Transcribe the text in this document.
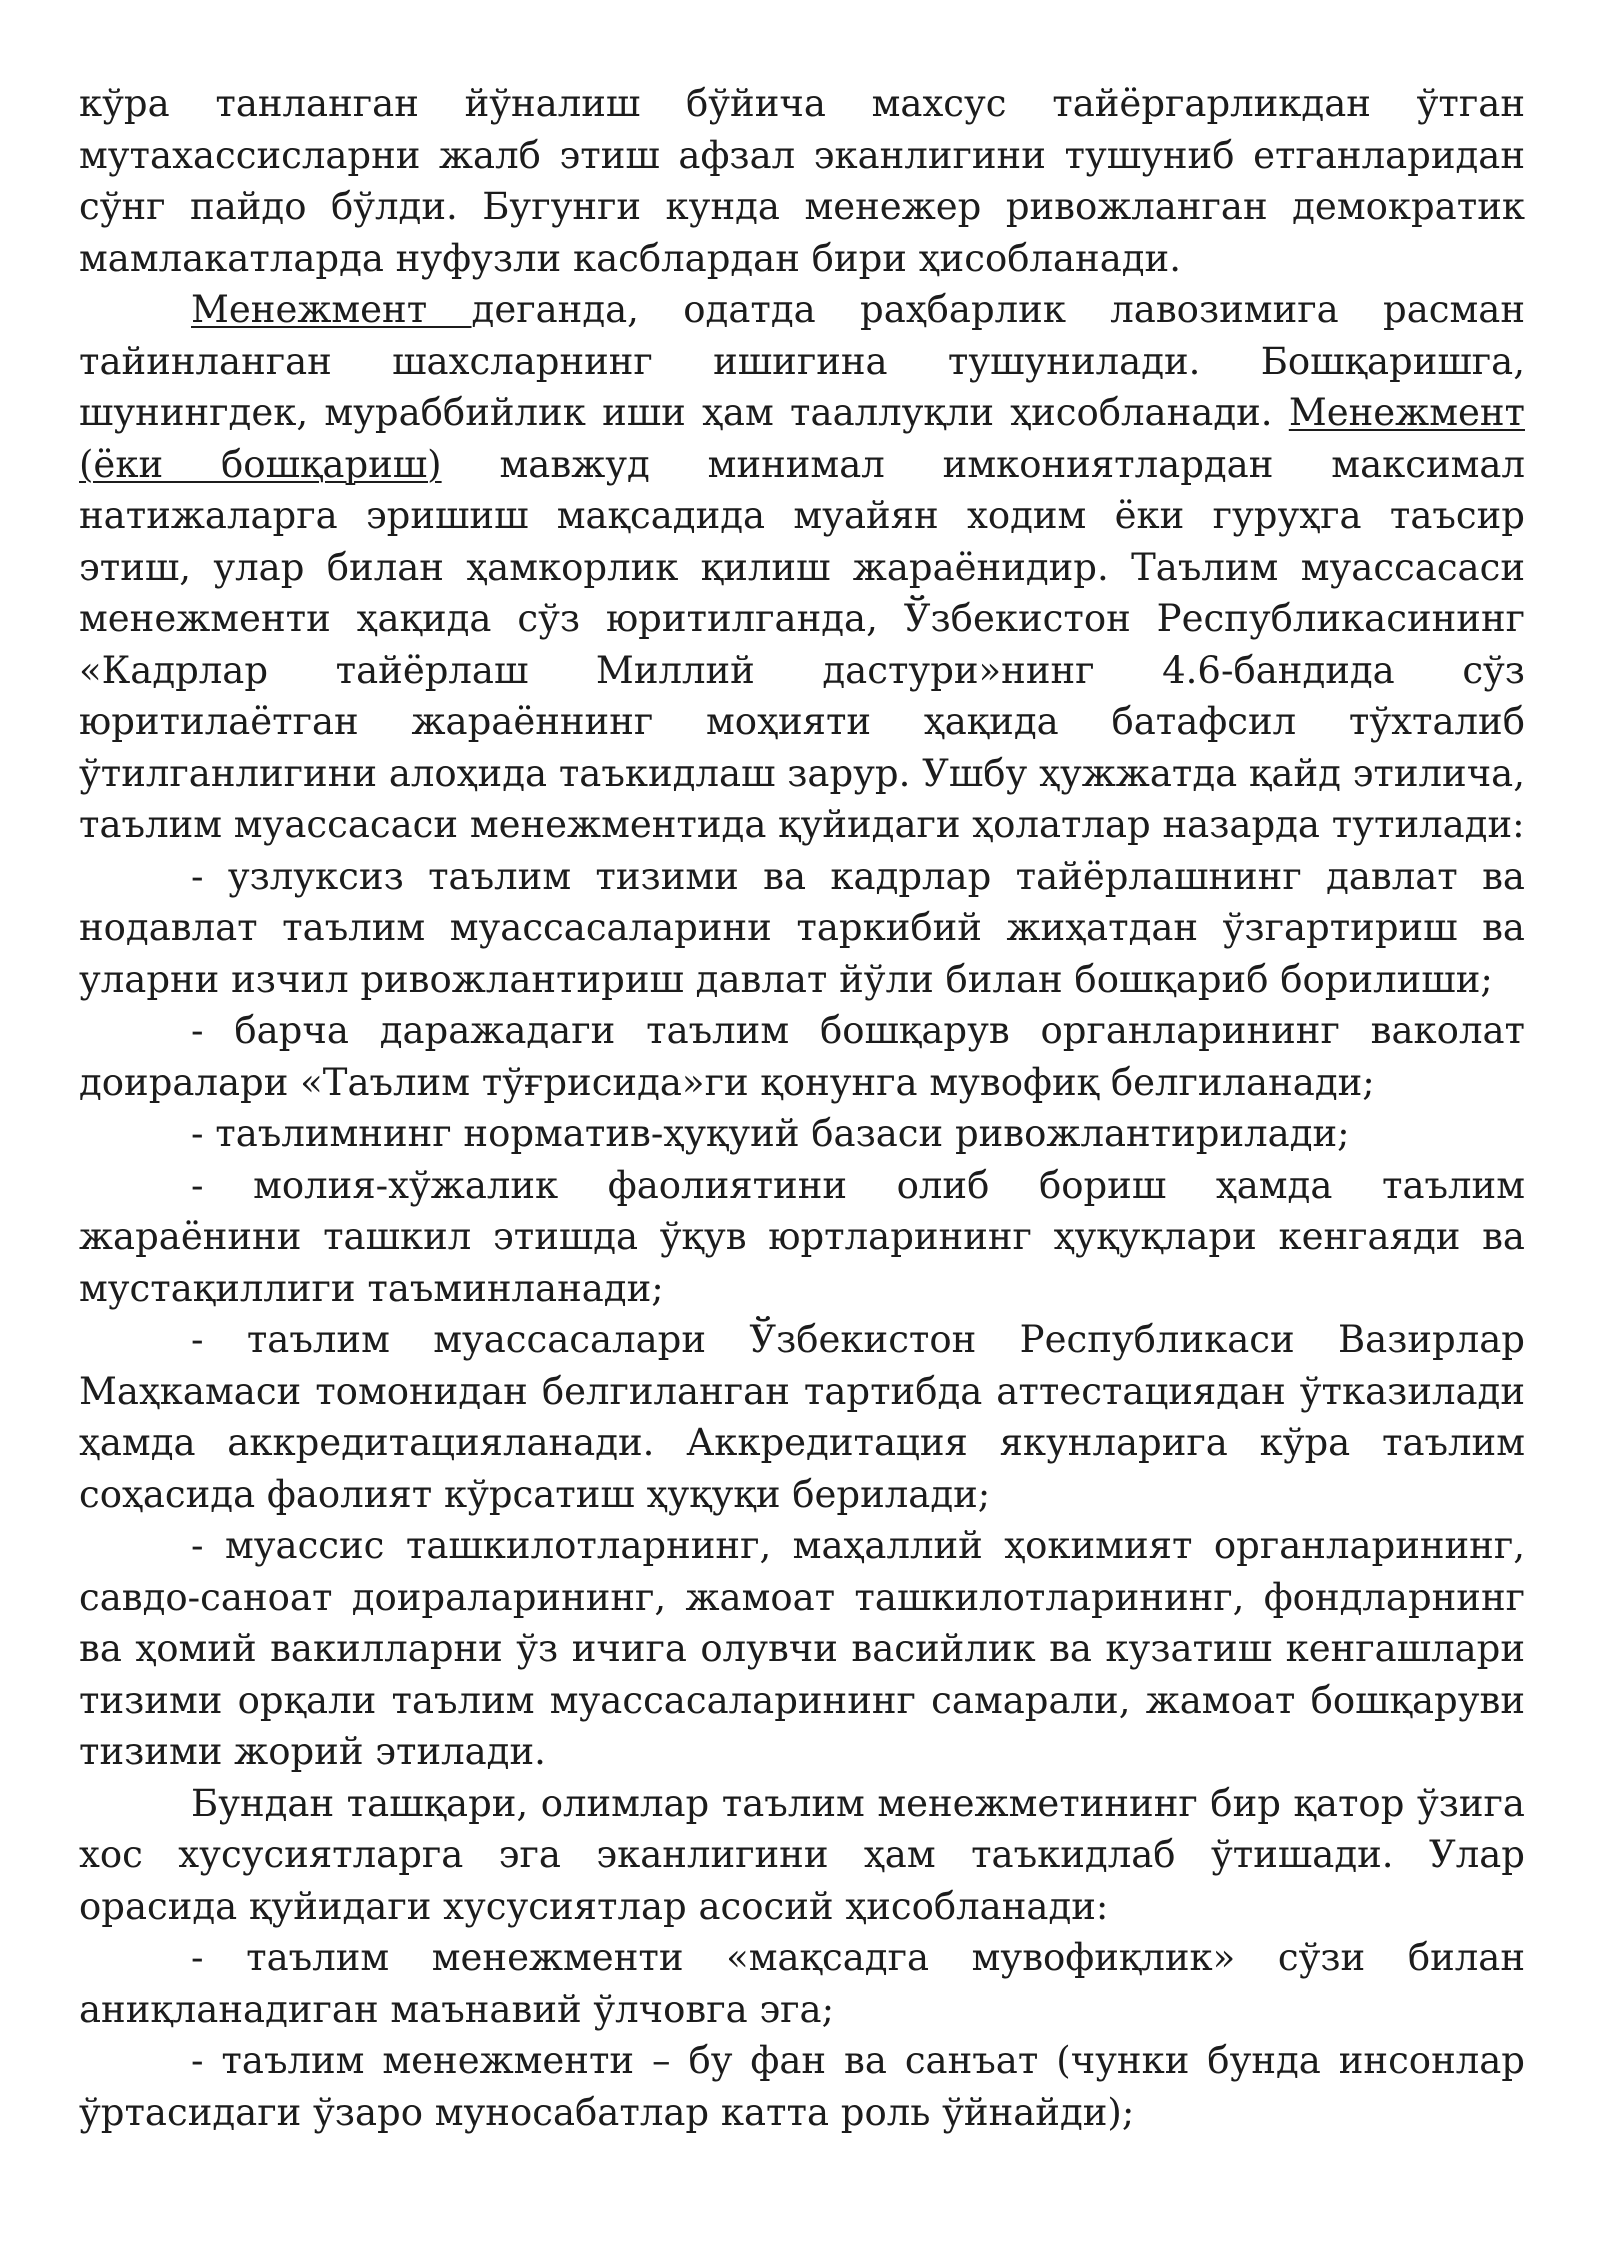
кўра танланган йўналиш бўйича махсус тайёргарликдан ўтган мутахассисларни жалб этиш афзал эканлигини тушуниб етганларидан сўнг пайдо бўлди. Бугунги кунда менежер ривожланган демократик мамлакатларда нуфузли касблардан бири ҳисобланади.

Менежмент деганда, одатда раҳбарлик лавозимига расман тайинланган шахсларнинг ишигина тушунилади. Бошқаришга, шунингдек, мураббийлик иши ҳам тааллуқли ҳисобланади. Менежмент (ёки бошқариш) мавжуд минимал имкониятлардан максимал натижаларга эришиш мақсадида муайян ходим ёки гуруҳга таъсир этиш, улар билан ҳамкорлик қилиш жараёнидир. Таълим муассасаси менежменти ҳақида сўз юритилганда, Ўзбекистон Республикасининг «Кадрлар тайёрлаш Миллий дастури»нинг 4.6-бандида сўз юритилаётган жараённинг моҳияти ҳақида батафсил тўхталиб ўтилганлигини алоҳида таъкидлаш зарур. Ушбу ҳужжатда қайд этилича, таълим муассасаси менежментида қуйидаги ҳолатлар назарда тутилади:

- узлуксиз таълим тизими ва кадрлар тайёрлашнинг давлат ва нодавлат таълим муассасаларини таркибий жиҳатдан ўзгартириш ва уларни изчил ривожлантириш давлат йўли билан бошқариб борилиши;

- барча даражадаги таълим бошқарув органларининг ваколат доиралари «Таълим тўғрисида»ги қонунга мувофиқ белгиланади;

- таълимнинг норматив-ҳуқуий базаси ривожлантирилади;

- молия-хўжалик фаолиятини олиб бориш ҳамда таълим жараёнини ташкил этишда ўқув юртларининг ҳуқуқлари кенгаяди ва мустақиллиги таъминланади;

- таълим муассасалари Ўзбекистон Республикаси Вазирлар Маҳкамаси томонидан белгиланган тартибда аттестациядан ўтказилади ҳамда аккредитацияланади. Аккредитация якунларига кўра таълим соҳасида фаолият кўрсатиш ҳуқуқи берилади;

- муассис ташкилотларнинг, маҳаллий ҳокимият органларининг, савдо-саноат доираларининг, жамоат ташкилотларининг, фондларнинг ва ҳомий вакилларни ўз ичига олувчи васийлик ва кузатиш кенгашлари тизими орқали таълим муассасаларининг самарали, жамоат бошқаруви тизими жорий этилади.

Бундан ташқари, олимлар таълим менежметининг бир қатор ўзига хос хусусиятларга эга эканлигини ҳам таъкидлаб ўтишади. Улар орасида қуйидаги хусусиятлар асосий ҳисобланади:

- таълим менежменти «мақсадга мувофиқлик» сўзи билан аниқланадиган маънавий ўлчовга эга;

- таълим менежменти – бу фан ва санъат (чунки бунда инсонлар ўртасидаги ўзаро муносабатлар катта роль ўйнайди);
